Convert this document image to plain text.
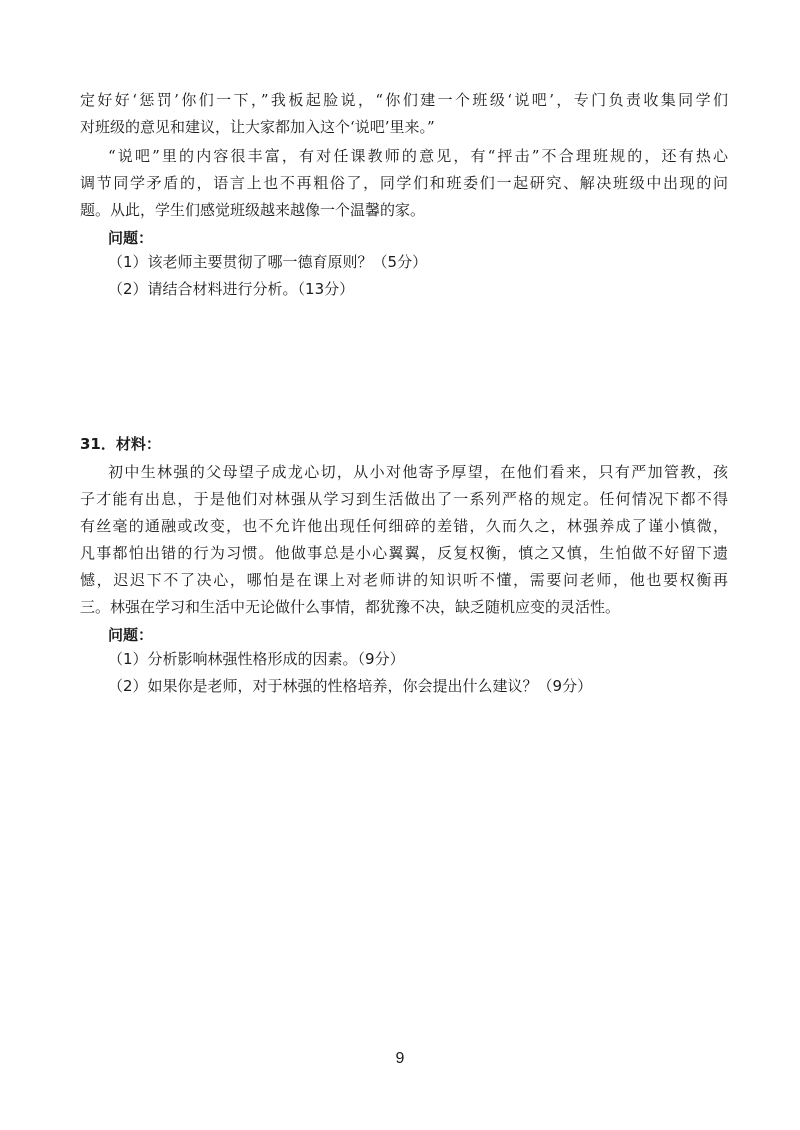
定好好‘惩罚’你们一下，”我板起脸说，“你们建一个班级‘说吧’，专门负责收集同学们
对班级的意见和建议，让大家都加入这个‘说吧’里来。”
“说吧”里的内容很丰富，有对任课教师的意见，有“抨击”不合理班规的，还有热心
调节同学矛盾的，语言上也不再粗俗了，同学们和班委们一起研究、解决班级中出现的问
题。从此，学生们感觉班级越来越像一个温馨的家。
问题：
（1）该老师主要贯彻了哪一德育原则？（5分）
（2）请结合材料进行分析。（13分）
31．材料：
初中生林强的父母望子成龙心切，从小对他寄予厚望，在他们看来，只有严加管教，孩
子才能有出息，于是他们对林强从学习到生活做出了一系列严格的规定。任何情况下都不得
有丝毫的通融或改变，也不允许他出现任何细碎的差错，久而久之，林强养成了谨小慎微，
凡事都怕出错的行为习惯。他做事总是小心翼翼，反复权衡，慎之又慎，生怕做不好留下遗
憾，迟迟下不了决心，哪怕是在课上对老师讲的知识听不懂，需要问老师，他也要权衡再
三。林强在学习和生活中无论做什么事情，都犹豫不决，缺乏随机应变的灵活性。
问题：
（1）分析影响林强性格形成的因素。（9分）
（2）如果你是老师，对于林强的性格培养，你会提出什么建议？（9分）
9
